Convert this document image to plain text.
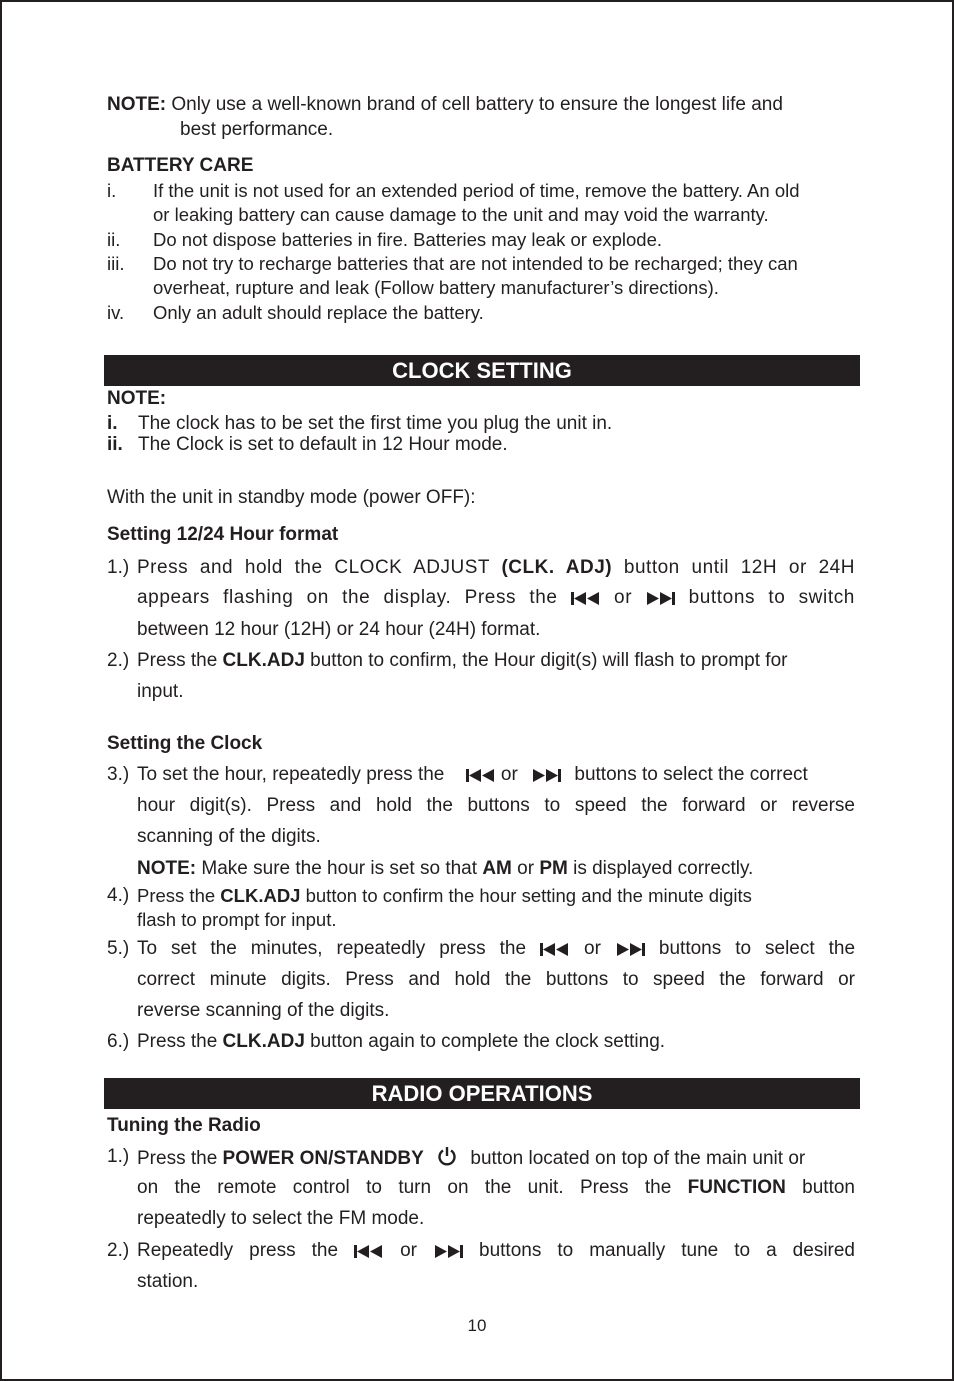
NOTE: Only use a well-known brand of cell battery to ensure the longest life and
best performance.
BATTERY CARE
i. If the unit is not used for an extended period of time, remove the battery. An old
or leaking battery can cause damage to the unit and may void the warranty.
ii. Do not dispose batteries in fire. Batteries may leak or explode.
iii. Do not try to recharge batteries that are not intended to be recharged; they can
overheat, rupture and leak (Follow battery manufacturer’s directions).
iv. Only an adult should replace the battery.
CLOCK SETTING
NOTE:
i. The clock has to be set the first time you plug the unit in.
ii. The Clock is set to default in 12 Hour mode.
With the unit in standby mode (power OFF):
Setting 12/24 Hour format
1.) Press and hold the CLOCK ADJUST (CLK. ADJ) button until 12H or 24H
appears flashing on the display. Press the	or	buttons to switch
between 12 hour (12H) or 24 hour (24H) format.
2.) Press the CLK.ADJ button to confirm, the Hour digit(s) will flash to prompt for
input.
Setting the Clock
3.) To set the hour, repeatedly press the	or	buttons to select the correct
hour digit(s). Press and hold the buttons to speed the forward or reverse
scanning of the digits.
NOTE: Make sure the hour is set so that AM or PM is displayed correctly.
4.) Press the CLK.ADJ button to confirm the hour setting and the minute digits
flash to prompt for input.
5.) To set the minutes, repeatedly press the	or	buttons to select the
correct minute digits. Press and hold the buttons to speed the forward or
reverse scanning of the digits.
6.) Press the CLK.ADJ button again to complete the clock setting.
RADIO OPERATIONS
Tuning the Radio
1.) Press the POWER ON/STANDBY button located on top of the main unit or
on the remote control to turn on the unit. Press the FUNCTION button
repeatedly to select the FM mode.
2.) Repeatedly press the	or	buttons to manually tune to a desired
station.
10
